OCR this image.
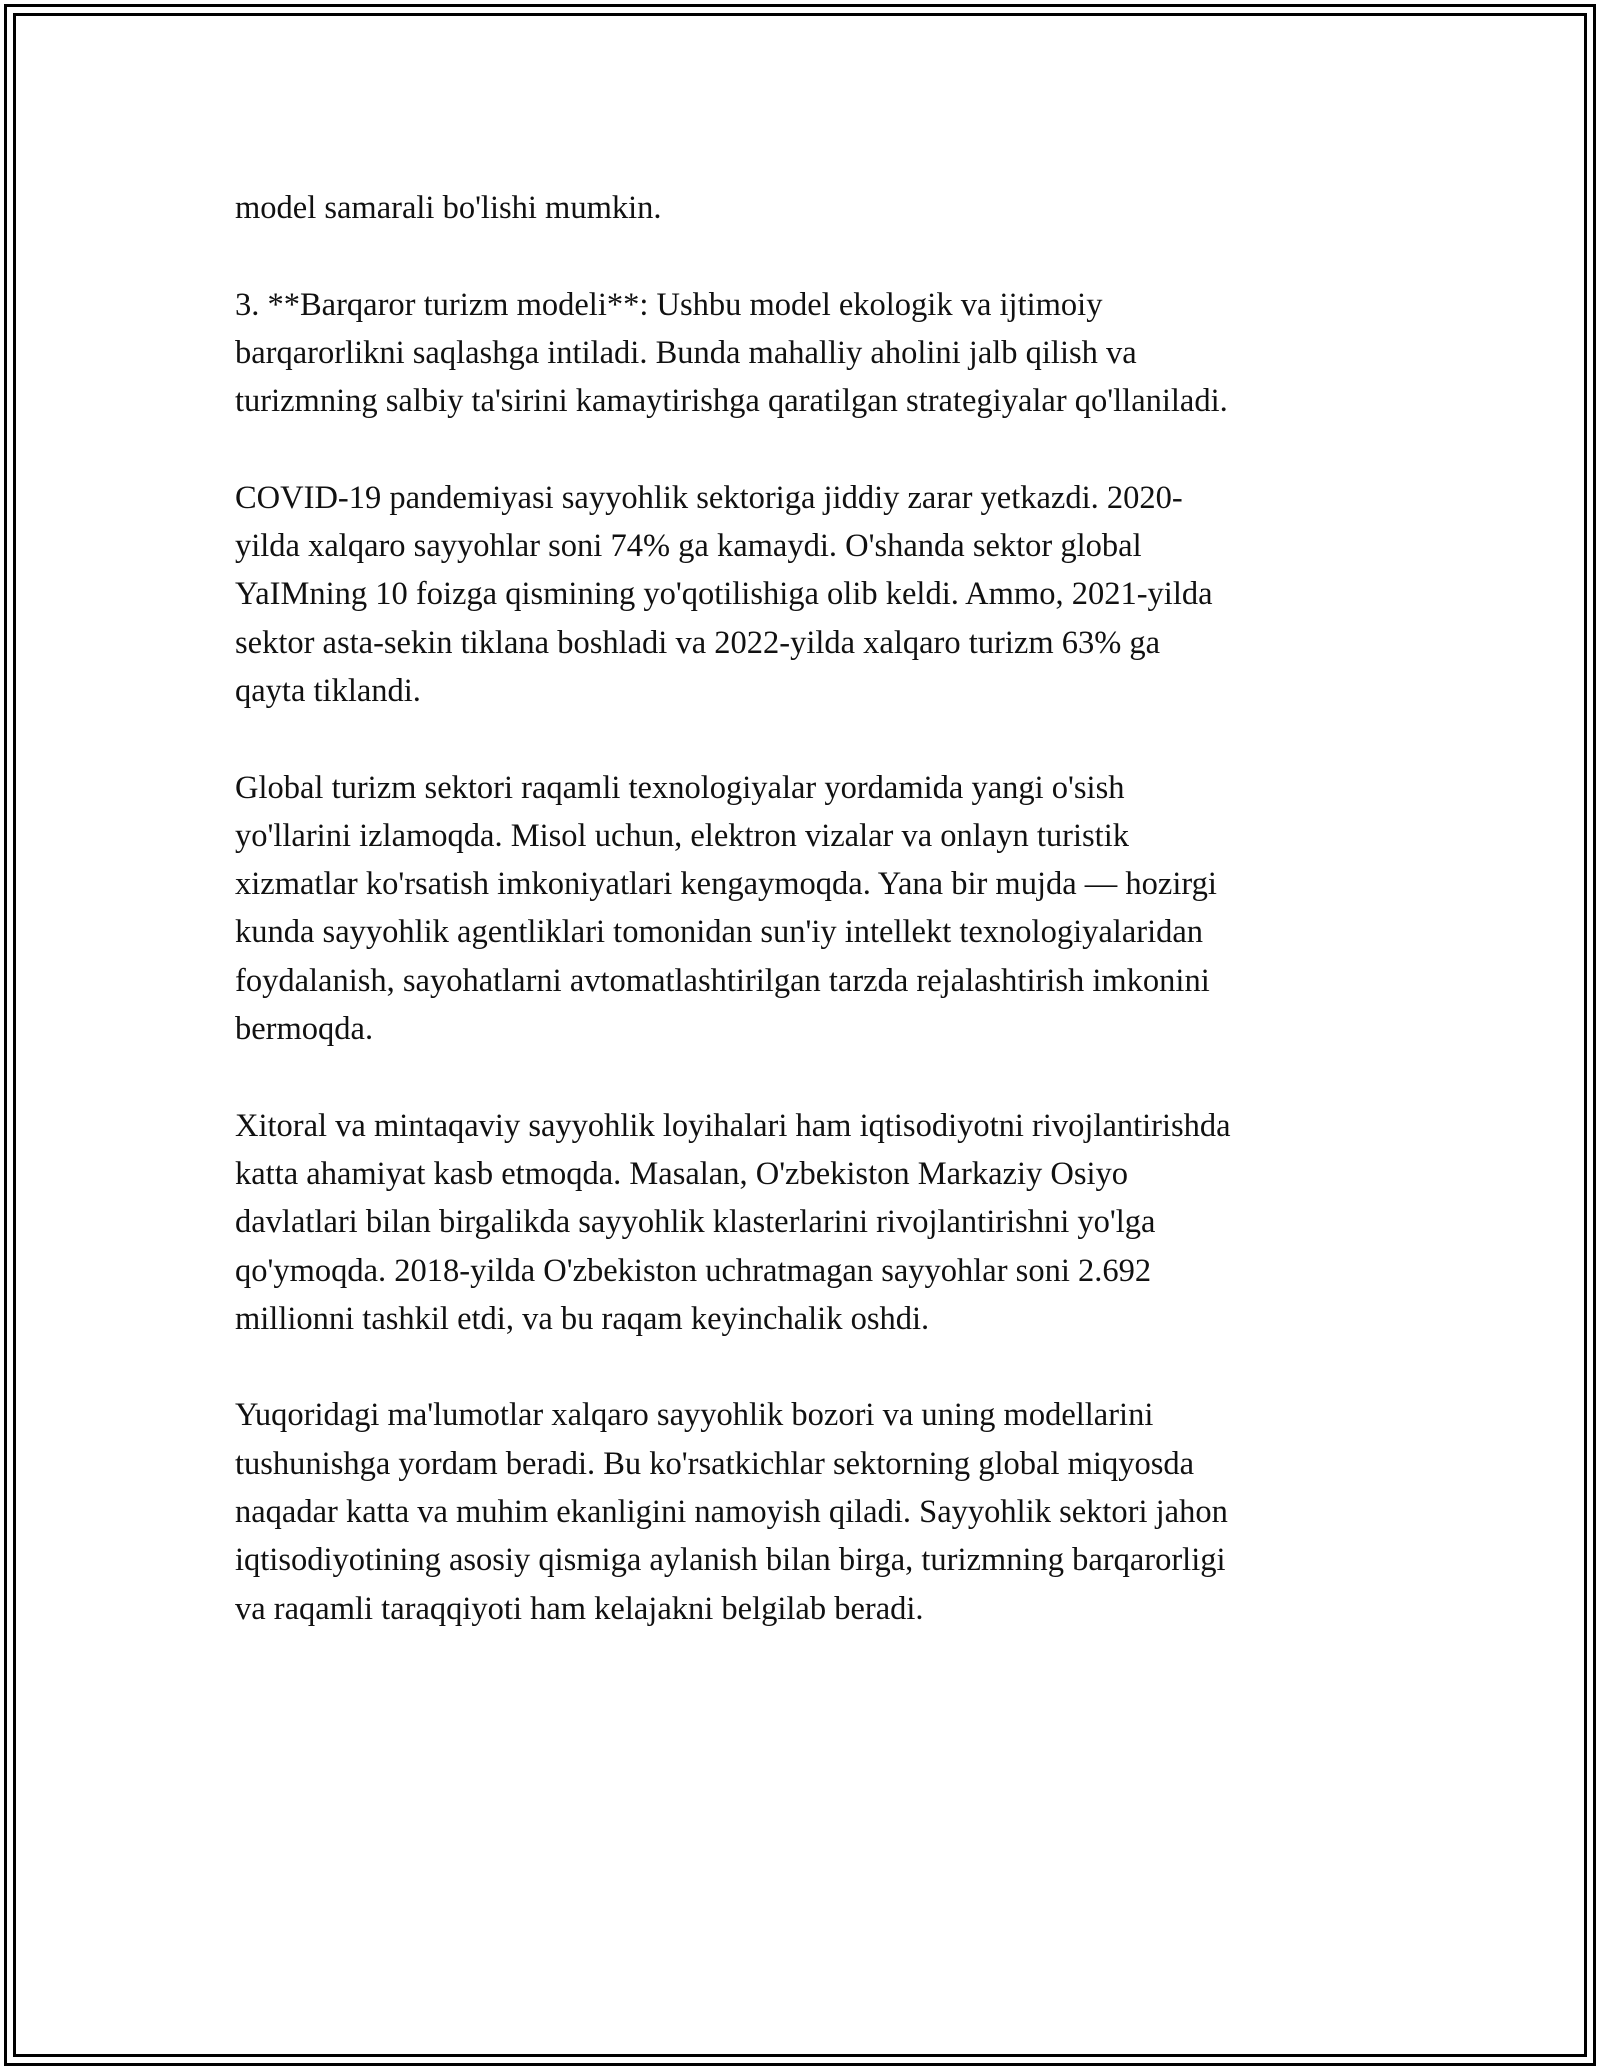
model samarali bo'lishi mumkin.

3. **Barqaror turizm modeli**: Ushbu model ekologik va ijtimoiy
barqarorlikni saqlashga intiladi. Bunda mahalliy aholini jalb qilish va
turizmning salbiy ta'sirini kamaytirishga qaratilgan strategiyalar qo'llaniladi.

COVID-19 pandemiyasi sayyohlik sektoriga jiddiy zarar yetkazdi. 2020-
yilda xalqaro sayyohlar soni 74% ga kamaydi. O'shanda sektor global
YaIMning 10 foizga qismining yo'qotilishiga olib keldi. Ammo, 2021-yilda
sektor asta-sekin tiklana boshladi va 2022-yilda xalqaro turizm 63% ga
qayta tiklandi.

Global turizm sektori raqamli texnologiyalar yordamida yangi o'sish
yo'llarini izlamoqda. Misol uchun, elektron vizalar va onlayn turistik
xizmatlar ko'rsatish imkoniyatlari kengaymoqda. Yana bir mujda — hozirgi
kunda sayyohlik agentliklari tomonidan sun'iy intellekt texnologiyalaridan
foydalanish, sayohatlarni avtomatlashtirilgan tarzda rejalashtirish imkonini
bermoqda.

Xitoral va mintaqaviy sayyohlik loyihalari ham iqtisodiyotni rivojlantirishda
katta ahamiyat kasb etmoqda. Masalan, O'zbekiston Markaziy Osiyo
davlatlari bilan birgalikda sayyohlik klasterlarini rivojlantirishni yo'lga
qo'ymoqda. 2018-yilda O'zbekiston uchratmagan sayyohlar soni 2.692
millionni tashkil etdi, va bu raqam keyinchalik oshdi.

Yuqoridagi ma'lumotlar xalqaro sayyohlik bozori va uning modellarini
tushunishga yordam beradi. Bu ko'rsatkichlar sektorning global miqyosda
naqadar katta va muhim ekanligini namoyish qiladi. Sayyohlik sektori jahon
iqtisodiyotining asosiy qismiga aylanish bilan birga, turizmning barqarorligi
va raqamli taraqqiyoti ham kelajakni belgilab beradi.
